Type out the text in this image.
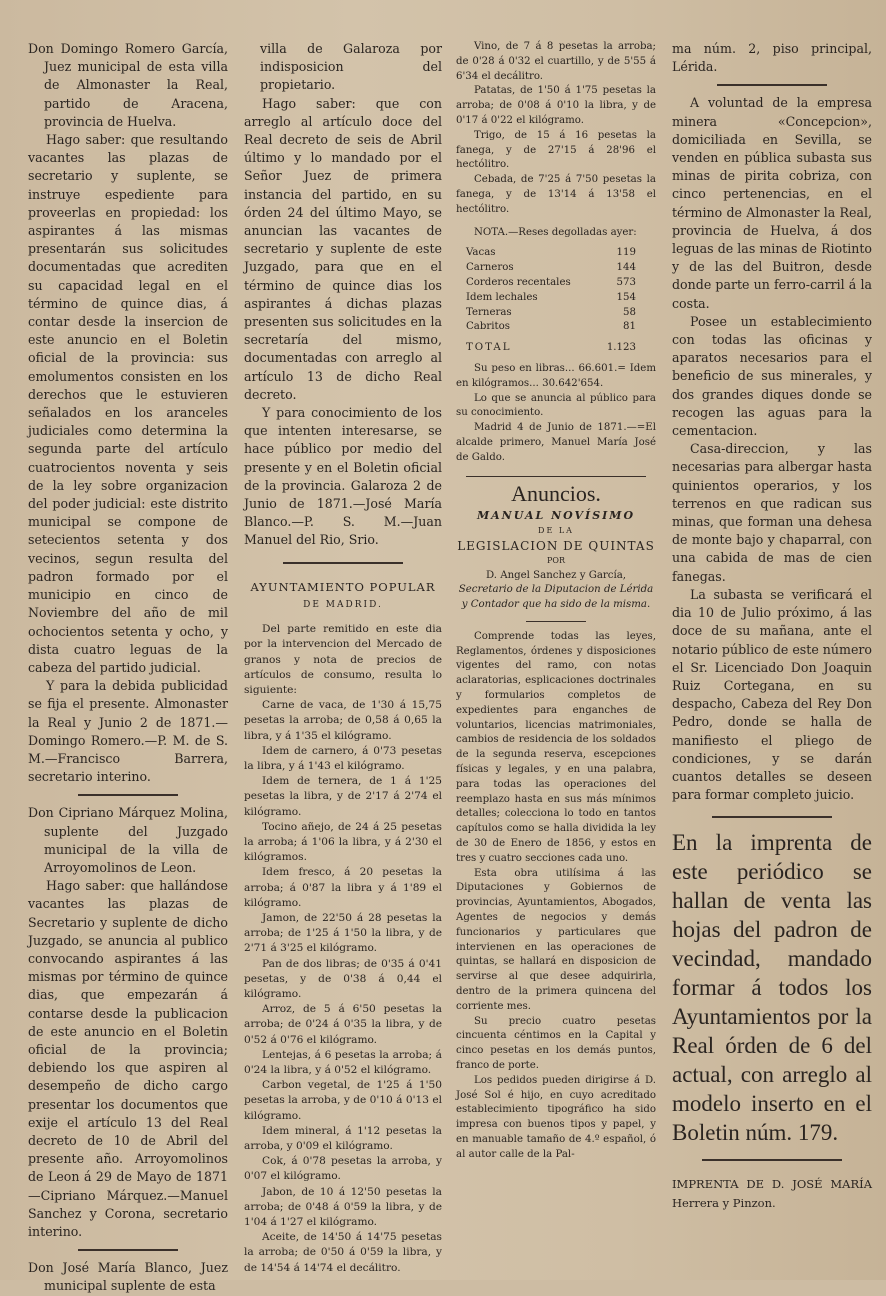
Don Domingo Romero García, Juez municipal de esta villa de Almonaster la Real, partido de Aracena, provincia de Huelva.

Hago saber: que resultando vacantes las plazas de secretario y suplente, se instruye espediente para proveerlas en propiedad: los aspirantes á las mismas presentarán sus solicitudes documentadas que acrediten su capacidad legal en el término de quince dias, á contar desde la insercion de este anuncio en el Boletin oficial de la provincia: sus emolumentos consisten en los derechos que le estuvieren señalados en los aranceles judiciales como determina la segunda parte del artículo cuatrocientos noventa y seis de la ley sobre organizacion del poder judicial: este distrito municipal se compone de setecientos setenta y dos vecinos, segun resulta del padron formado por el municipio en cinco de Noviembre del año de mil ochocientos setenta y ocho, y dista cuatro leguas de la cabeza del partido judicial.

Y para la debida publicidad se fija el presente. Almonaster la Real y Junio 2 de 1871.—Domingo Romero.—P. M. de S. M.—Francisco Barrera, secretario interino.

Don Cipriano Márquez Molina, suplente del Juzgado municipal de la villa de Arroyomolinos de Leon.

Hago saber: que hallándose vacantes las plazas de Secretario y suplente de dicho Juzgado, se anuncia al publico convocando aspirantes á las mismas por término de quince dias, que empezarán á contarse desde la publicacion de este anuncio en el Boletin oficial de la provincia; debiendo los que aspiren al desempeño de dicho cargo presentar los documentos que exije el artículo 13 del Real decreto de 10 de Abril del presente año. Arroyomolinos de Leon á 29 de Mayo de 1871—Cipriano Márquez.—Manuel Sanchez y Corona, secretario interino.

Don José María Blanco, Juez municipal suplente de esta

villa de Galaroza por indisposicion del propietario.

Hago saber: que con arreglo al artículo doce del Real decreto de seis de Abril último y lo mandado por el Señor Juez de primera instancia del partido, en su órden 24 del último Mayo, se anuncian las vacantes de secretario y suplente de este Juzgado, para que en el término de quince dias los aspirantes á dichas plazas presenten sus solicitudes en la secretaría del mismo, documentadas con arreglo al artículo 13 de dicho Real decreto.

Y para conocimiento de los que intenten interesarse, se hace público por medio del presente y en el Boletin oficial de la provincia. Galaroza 2 de Junio de 1871.—José María Blanco.—P. S. M.—Juan Manuel del Rio, Srio.

AYUNTAMIENTO POPULAR
DE MADRID.

Del parte remitido en este dia por la intervencion del Mercado de granos y nota de precios de artículos de consumo, resulta lo siguiente:

Carne de vaca, de 1'30 á 15,75 pesetas la arroba; de 0,58 á 0,65 la libra, y á 1'35 el kilógramo.

Idem de carnero, á 0'73 pesetas la libra, y á 1'43 el kilógramo.

Idem de ternera, de 1 á 1'25 pesetas la libra, y de 2'17 á 2'74 el kilógramo.

Tocino añejo, de 24 á 25 pesetas la arroba; á 1'06 la libra, y á 2'30 el kilógramos.

Idem fresco, á 20 pesetas la arroba; á 0'87 la libra y á 1'89 el kilógramo.

Jamon, de 22'50 á 28 pesetas la arroba; de 1'25 á 1'50 la libra, y de 2'71 á 3'25 el kilógramo.

Pan de dos libras; de 0'35 á 0'41 pesetas, y de 0'38 á 0,44 el kilógramo.

Arroz, de 5 á 6'50 pesetas la arroba; de 0'24 á 0'35 la libra, y de 0'52 á 0'76 el kilógramo.

Lentejas, á 6 pesetas la arroba; á 0'24 la libra, y á 0'52 el kilógramo.

Carbon vegetal, de 1'25 á 1'50 pesetas la arroba, y de 0'10 á 0'13 el kilógramo.

Idem mineral, á 1'12 pesetas la arroba, y 0'09 el kilógramo.

Cok, á 0'78 pesetas la arroba, y 0'07 el kilógramo.

Jabon, de 10 á 12'50 pesetas la arroba; de 0'48 á 0'59 la libra, y de 1'04 á 1'27 el kilógramo.

Aceite, de 14'50 á 14'75 pesetas la arroba; de 0'50 á 0'59 la libra, y de 14'54 á 14'74 el decálitro.

Vino, de 7 á 8 pesetas la arroba; de 0'28 á 0'32 el cuartillo, y de 5'55 á 6'34 el decálitro.

Patatas, de 1'50 á 1'75 pesetas la arroba; de 0'08 á 0'10 la libra, y de 0'17 á 0'22 el kilógramo.

Trigo, de 15 á 16 pesetas la fanega, y de 27'15 á 28'96 el hectólitro.

Cebada, de 7'25 á 7'50 pesetas la fanega, y de 13'14 á 13'58 el hectólitro.

NOTA.—Reses degolladas ayer:

Vacas	119
Carneros	144
Corderos recentales	573
Idem lechales	154
Terneras	58
Cabritos	81
TOTAL	1.123

Su peso en libras... 66.601.= Idem en kilógramos... 30.642'654.

Lo que se anuncia al público para su conocimiento.

Madrid 4 de Junio de 1871.—=El alcalde primero, Manuel María José de Galdo.

Anuncios.
MANUAL NOVÍSIMO
DE LA
LEGISLACION DE QUINTAS
POR
D. Angel Sanchez y García,
Secretario de la Diputacion de Lérida y Contador que ha sido de la misma.

Comprende todas las leyes, Reglamentos, órdenes y disposiciones vigentes del ramo, con notas aclaratorias, esplicaciones doctrinales y formularios completos de expedientes para enganches de voluntarios, licencias matrimoniales, cambios de residencia de los soldados de la segunda reserva, escepciones físicas y legales, y en una palabra, para todas las operaciones del reemplazo hasta en sus más mínimos detalles; colecciona lo todo en tantos capítulos como se halla dividida la ley de 30 de Enero de 1856, y estos en tres y cuatro secciones cada uno.

Esta obra utilísima á las Diputaciones y Gobiernos de provincias, Ayuntamientos, Abogados, Agentes de negocios y demás funcionarios y particulares que intervienen en las operaciones de quintas, se hallará en disposicion de servirse al que desee adquirirla, dentro de la primera quincena del corriente mes.

Su precio cuatro pesetas cincuenta céntimos en la Capital y cinco pesetas en los demás puntos, franco de porte.

Los pedidos pueden dirigirse á D. José Sol é hijo, en cuyo acreditado establecimiento tipográfico ha sido impresa con buenos tipos y papel, y en manuable tamaño de 4.º español, ó al autor calle de la Pal-

ma núm. 2, piso principal, Lérida.

A voluntad de la empresa minera «Concepcion», domiciliada en Sevilla, se venden en pública subasta sus minas de pirita cobriza, con cinco pertenencias, en el término de Almonaster la Real, provincia de Huelva, á dos leguas de las minas de Riotinto y de las del Buitron, desde donde parte un ferro-carril á la costa.

Posee un establecimiento con todas las oficinas y aparatos necesarios para el beneficio de sus minerales, y dos grandes diques donde se recogen las aguas para la cementacion.

Casa-direccion, y las necesarias para albergar hasta quinientos operarios, y los terrenos en que radican sus minas, que forman una dehesa de monte bajo y chaparral, con una cabida de mas de cien fanegas.

La subasta se verificará el dia 10 de Julio próximo, á las doce de su mañana, ante el notario público de este número el Sr. Licenciado Don Joaquin Ruiz Cortegana, en su despacho, Cabeza del Rey Don Pedro, donde se halla de manifiesto el pliego de condiciones, y se darán cuantos detalles se deseen para formar completo juicio.

En la imprenta de este periódico se hallan de venta las hojas del padron de vecindad, mandado formar á todos los Ayuntamientos por la Real órden de 6 del actual, con arreglo al modelo inserto en el Boletin núm. 179.

IMPRENTA DE D. JOSÉ MARÍA Herrera y Pinzon.
